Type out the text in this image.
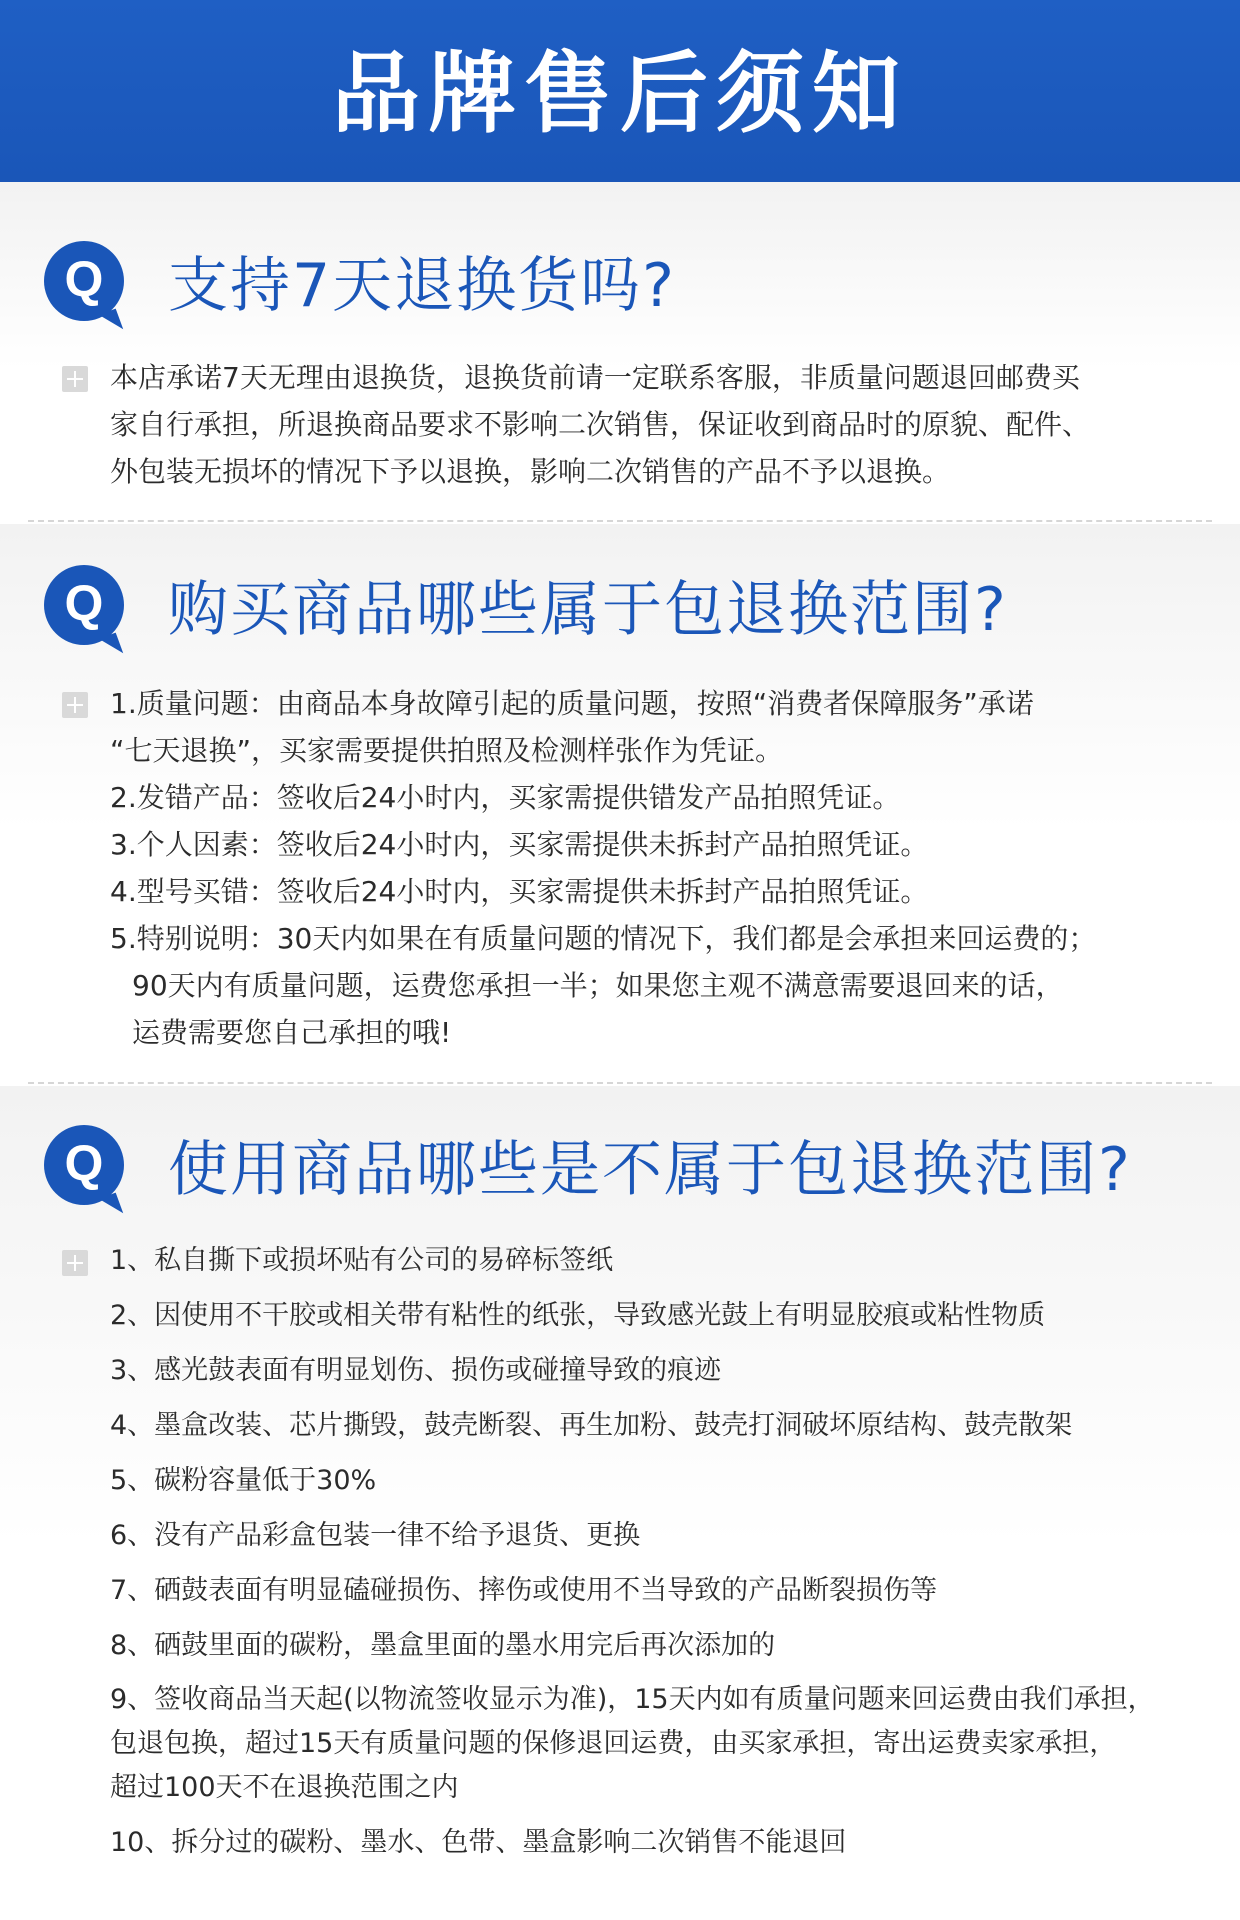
品牌售后须知
Q 支持7天退换货吗?

本店承诺7天无理由退换货，退换货前请一定联系客服，非质量问题退回邮费买

家自行承担，所退换商品要求不影响二次销售，保证收到商品时的原貌、配件、

外包装无损坏的情况下予以退换，影响二次销售的产品不予以退换。

Q 购买商品哪些属于包退换范围?

1.质量问题：由商品本身故障引起的质量问题，按照“消费者保障服务”承诺

“七天退换”，买家需要提供拍照及检测样张作为凭证。

2.发错产品：签收后24小时内，买家需提供错发产品拍照凭证。

3.个人因素：签收后24小时内，买家需提供未拆封产品拍照凭证。

4.型号买错：签收后24小时内，买家需提供未拆封产品拍照凭证。

5.特别说明：30天内如果在有质量问题的情况下，我们都是会承担来回运费的；

90天内有质量问题，运费您承担一半；如果您主观不满意需要退回来的话，

运费需要您自己承担的哦!

Q 使用商品哪些是不属于包退换范围?

1、私自撕下或损坏贴有公司的易碎标签纸

2、因使用不干胶或相关带有粘性的纸张，导致感光鼓上有明显胶痕或粘性物质

3、感光鼓表面有明显划伤、损伤或碰撞导致的痕迹

4、墨盒改装、芯片撕毁，鼓壳断裂、再生加粉、鼓壳打洞破坏原结构、鼓壳散架

5、碳粉容量低于30%

6、没有产品彩盒包装一律不给予退货、更换

7、硒鼓表面有明显磕碰损伤、摔伤或使用不当导致的产品断裂损伤等

8、硒鼓里面的碳粉，墨盒里面的墨水用完后再次添加的

9、签收商品当天起(以物流签收显示为准)，15天内如有质量问题来回运费由我们承担，

包退包换，超过15天有质量问题的保修退回运费，由买家承担，寄出运费卖家承担，

超过100天不在退换范围之内

10、拆分过的碳粉、墨水、色带、墨盒影响二次销售不能退回
